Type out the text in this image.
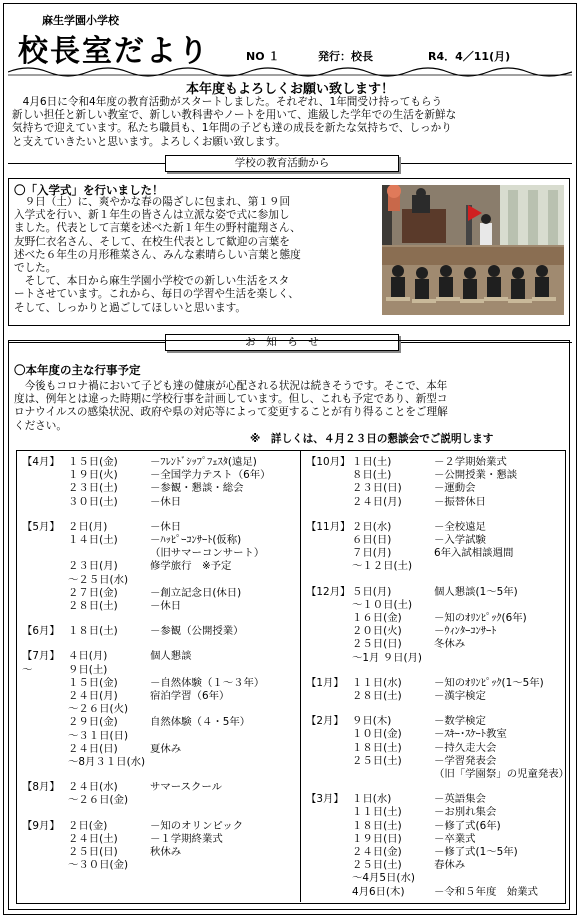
麻生学園小学校
校長室だより	NO １	発行：校長	R4．4／11(月)
本年度もよろしくお願い致します！

　4月6日に令和4年度の教育活動がスタートしました。それぞれ、1年間受け持ってもらう

新しい担任と新しい教室で、新しい教科書やノートを用いて、進級した学年での生活を新鮮な

気持ちで迎えています。私たち職員も、1年間の子ども達の成長を新たな気持ちで、しっかり

と支えていきたいと思います。よろしくお願い致します。

学校の教育活動から
〇「入学式」を行いました！

　９日（土）に、爽やかな春の陽ざしに包まれ、第１９回

入学式を行い、新１年生の皆さんは立派な姿で式に参加し

ました。代表として言葉を述べた新１年生の野村龍翔さん、

友野仁衣名さん、そして、在校生代表として歓迎の言葉を

述べた６年生の月形稚菜さん、みんな素晴らしい言葉と態度

でした。

　そして、本日から麻生学園小学校での新しい生活をスタ

ートさせています。これから、毎日の学習や生活を楽しく、

そして、しっかりと過ごしてほしいと思います。

お　知　ら　せ
〇本年度の主な行事予定

　今後もコロナ禍において子ども達の健康が心配される状況は続きそうです。そこで、本年

度は、例年とは違った時期に学校行事を計画しています。但し、これも予定であり、新型コ

ロナウイルスの感染状況、政府や県の対応等によって変更することが有り得ることをご理解

ください。

※　詳しくは、４月２３日の懇談会でご説明します
【4月】 １５日(金)	－ﾌﾚﾝﾄﾞｼｯﾌﾟﾌｪｽﾀ(遠足)
１９日(火)	－全国学力テスト（6年）
２３日(土)	－参観・懇談・総会
３０日(土)	－休日
【5月】 ２日(月)	－休日
１４日(土)	－ﾊｯﾋﾟｰｺﾝｻｰﾄ(仮称)
（旧サマーコンサート）
２３日(月)	修学旅行　※予定
～２５日(水)
２７日(金)	－創立記念日(休日)
２８日(土)	－休日
【6月】 １８日(土)	－参観（公開授業）
【7月】 ４日(月)	個人懇談
～	９日(土)
１５日(金)	－自然体験（１～３年）
２４日(月)	宿泊学習（6年）
～２６日(火)
２９日(金)	自然体験（４・5年）
～３１日(日)
２４日(日)	夏休み
～8月３１日(水)
【8月】 ２４日(水)	サマースクール
～２６日(金)
【9月】 ２日(金)	－知のオリンピック
２４日(土)	－１学期終業式
２５日(日)	秋休み
～３０日(金)
【10月】 １日(土)	－２学期始業式
８日(土)	－公開授業・懇談
２３日(日)	－運動会
２４日(月)	－振替休日
【11月】 ２日(水)	－全校遠足
６日(日)	－入学試験
７日(月)	6年入試相談週間
～１２日(土)
【12月】 ５日(月)	個人懇談(1～5年)
～１０日(土)
１６日(金)	－知のｵﾘﾝﾋﾟｯｸ(6年)
２０日(火)	－ｳｨﾝﾀｰｺﾝｻｰﾄ
２５日(日)	冬休み
～1月 ９日(月)
【1月】 １１日(水)	－知のｵﾘﾝﾋﾟｯｸ(1～5年)
２８日(土)	－漢字検定
【2月】 ９日(木)	－数学検定
１０日(金)	－ｽｷｰ･ｽｹｰﾄ教室
１８日(土)	－持久走大会
２５日(土)	－学習発表会
（旧「学園祭」の児童発表）
【3月】 １日(水)	－英語集会
１１日(土)	－お別れ集会
１８日(土)	－修了式(6年)
１９日(日)	－卒業式
２４日(金)	－修了式(1～5年)
２５日(土)	春休み
～4月5日(水)
4月6日(木)	－令和５年度　始業式
